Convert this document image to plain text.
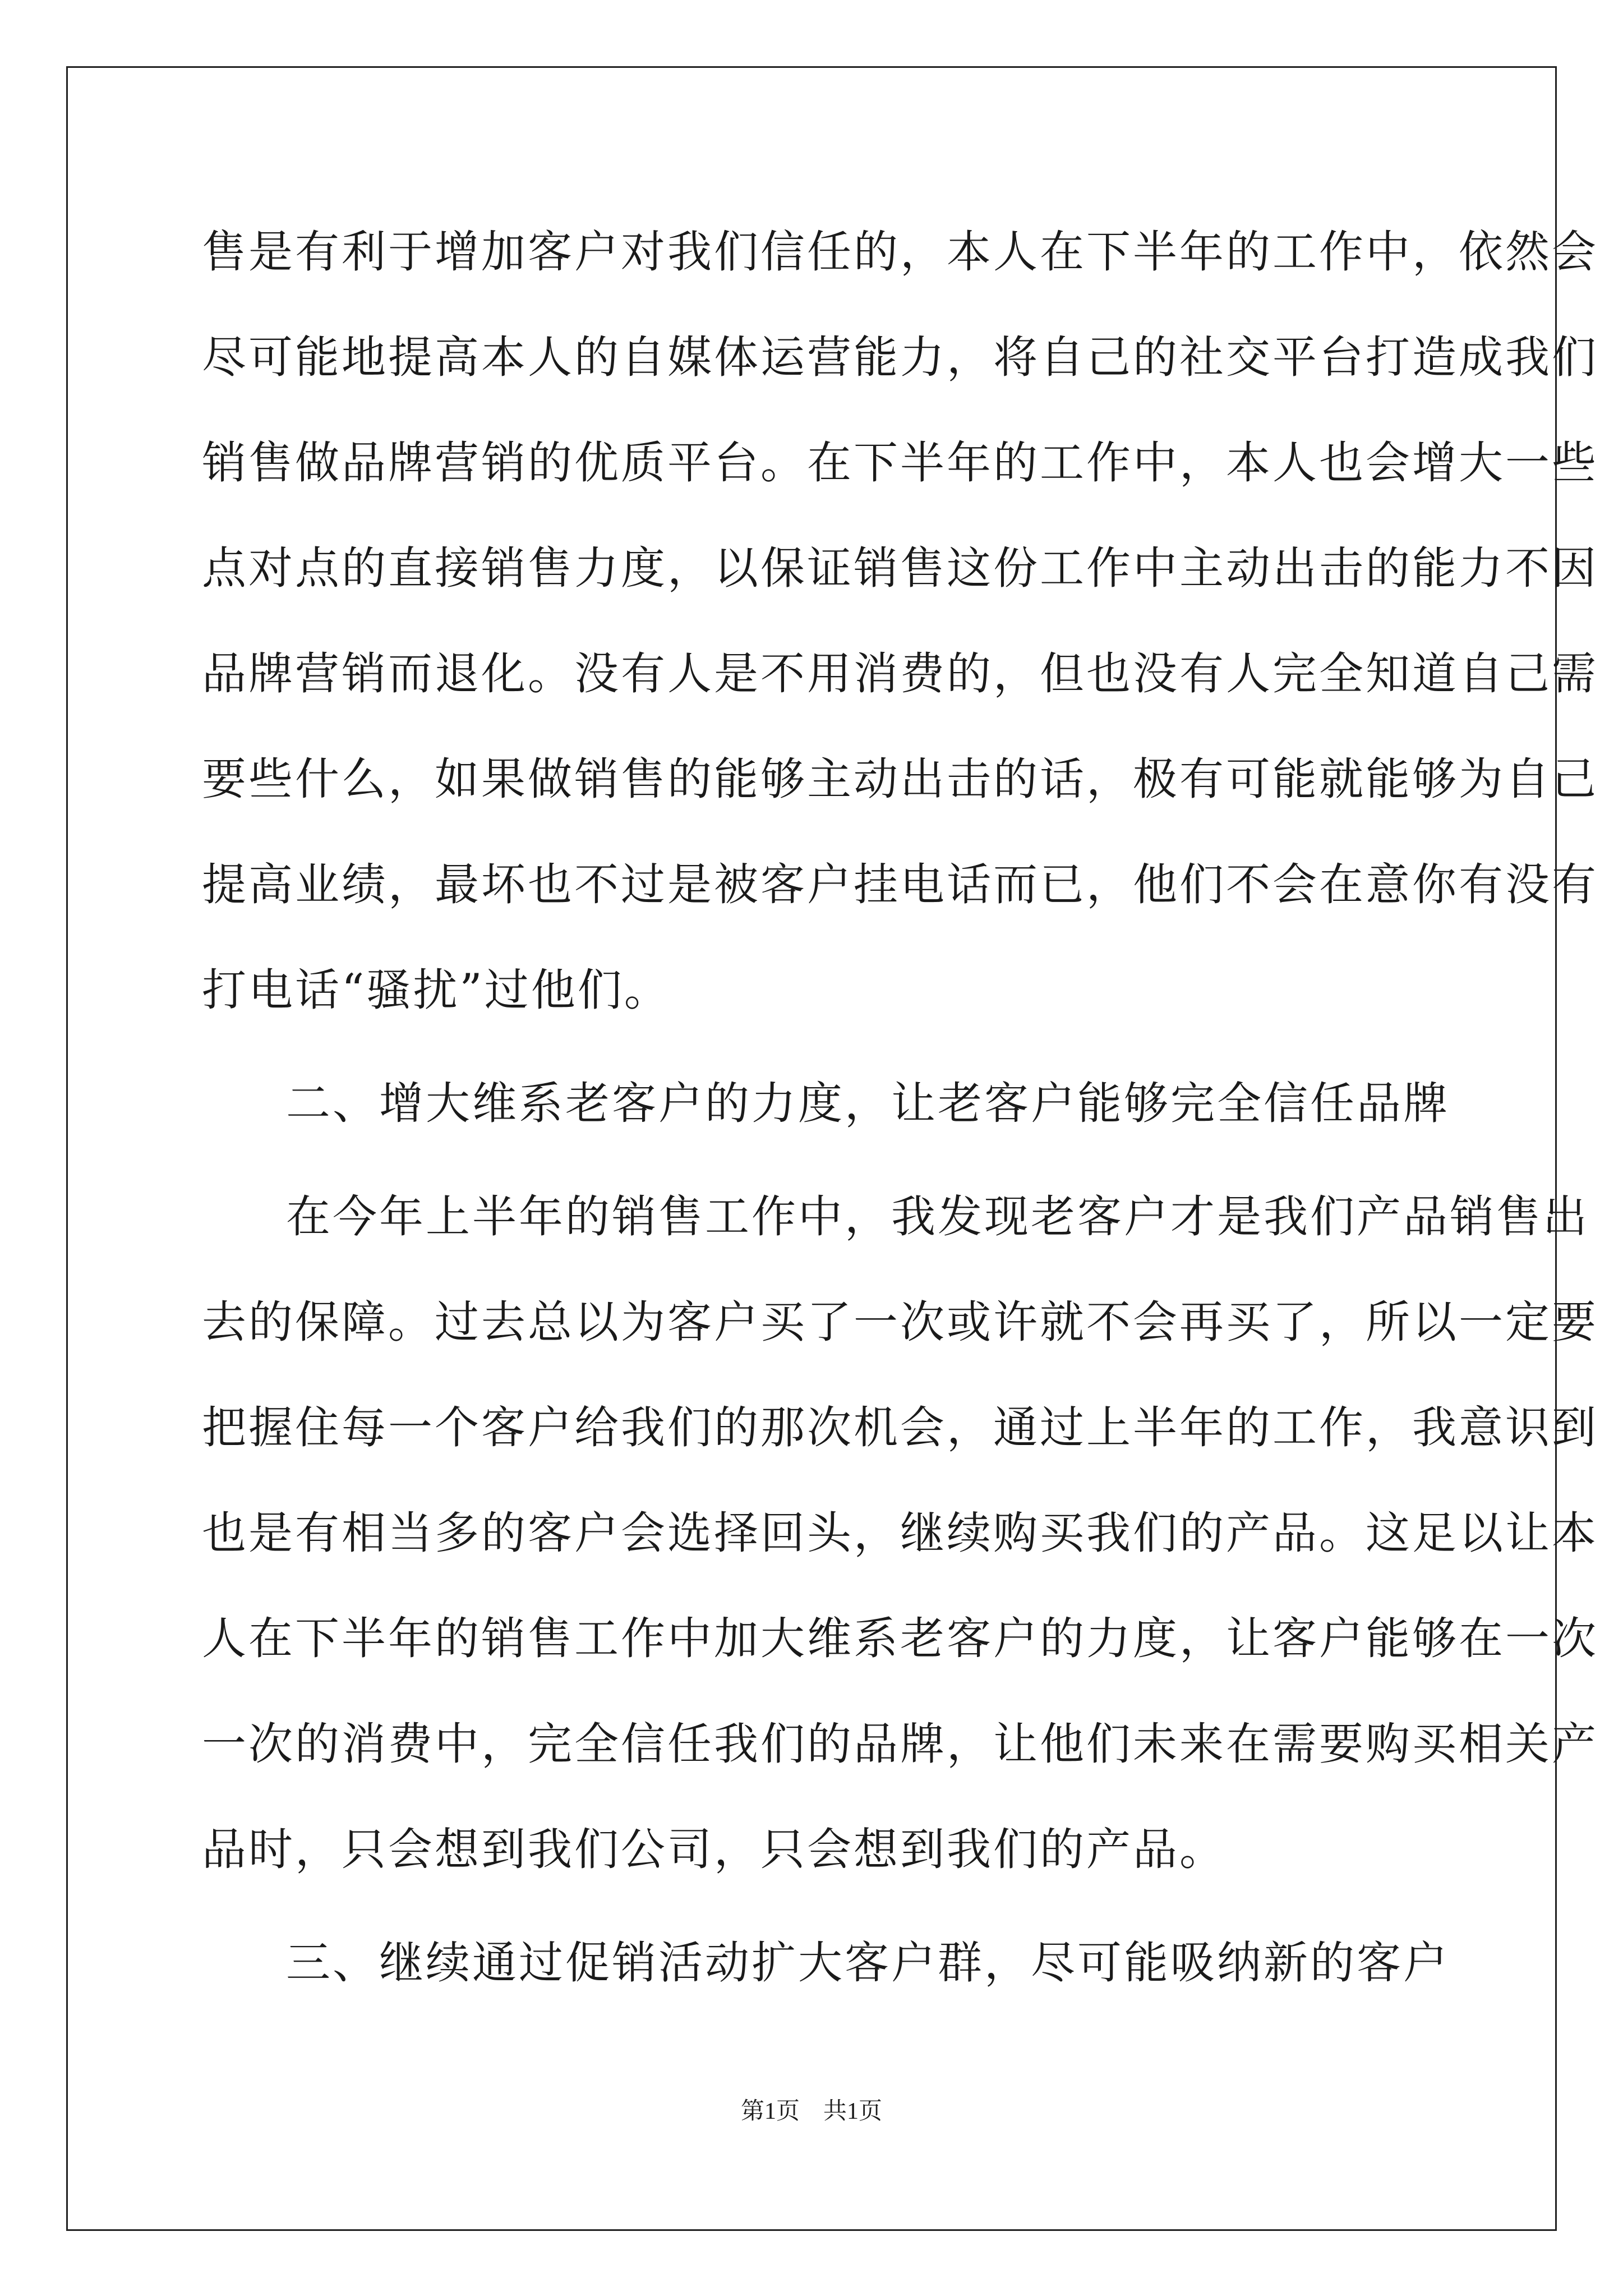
售是有利于增加客户对我们信任的，本人在下半年的工作中，依然会
尽可能地提高本人的自媒体运营能力，将自己的社交平台打造成我们
销售做品牌营销的优质平台。在下半年的工作中，本人也会增大一些
点对点的直接销售力度，以保证销售这份工作中主动出击的能力不因
品牌营销而退化。没有人是不用消费的，但也没有人完全知道自己需
要些什么，如果做销售的能够主动出击的话，极有可能就能够为自己
提高业绩，最坏也不过是被客户挂电话而已，他们不会在意你有没有
打电话“骚扰”过他们。
二、增大维系老客户的力度，让老客户能够完全信任品牌
在今年上半年的销售工作中，我发现老客户才是我们产品销售出
去的保障。过去总以为客户买了一次或许就不会再买了，所以一定要
把握住每一个客户给我们的那次机会，通过上半年的工作，我意识到
也是有相当多的客户会选择回头，继续购买我们的产品。这足以让本
人在下半年的销售工作中加大维系老客户的力度，让客户能够在一次
一次的消费中，完全信任我们的品牌，让他们未来在需要购买相关产
品时，只会想到我们公司，只会想到我们的产品。
三、继续通过促销活动扩大客户群，尽可能吸纳新的客户
第1页　共1页
